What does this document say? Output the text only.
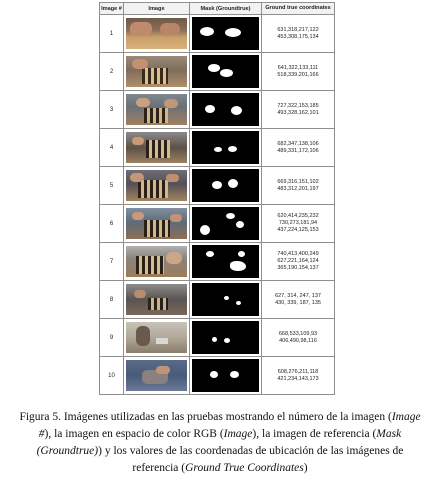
Image #	Image	Mask (Groundtrue)	Ground true coordinates
1			631,318,217,122
453,308,175,134

2			641,322,133,111
518,339,201,166

3			727,322,153,185
493,328,162,101

4			682,347,138,106
489,331,172,106

5			669,316,151,102
483,312,201,197

6			620,414,235,232
730,273,181,94
437,224,125,153

7			740,413,400,249
627,221,164,124
365,190,154,137

8			627, 314, 247, 137
430, 339, 187, 135

9			668,533,109,93
406,490,98,116

10			608,276,211,118
421,234,143,173
Figura 5. Imágenes utilizadas en las pruebas mostrando el número de la imagen (Image #), la imagen en espacio de color RGB (Image), la imagen de referencia (Mask (Groundtrue)) y los valores de las coordenadas de ubicación de las imágenes de referencia (Ground True Coordinates)
